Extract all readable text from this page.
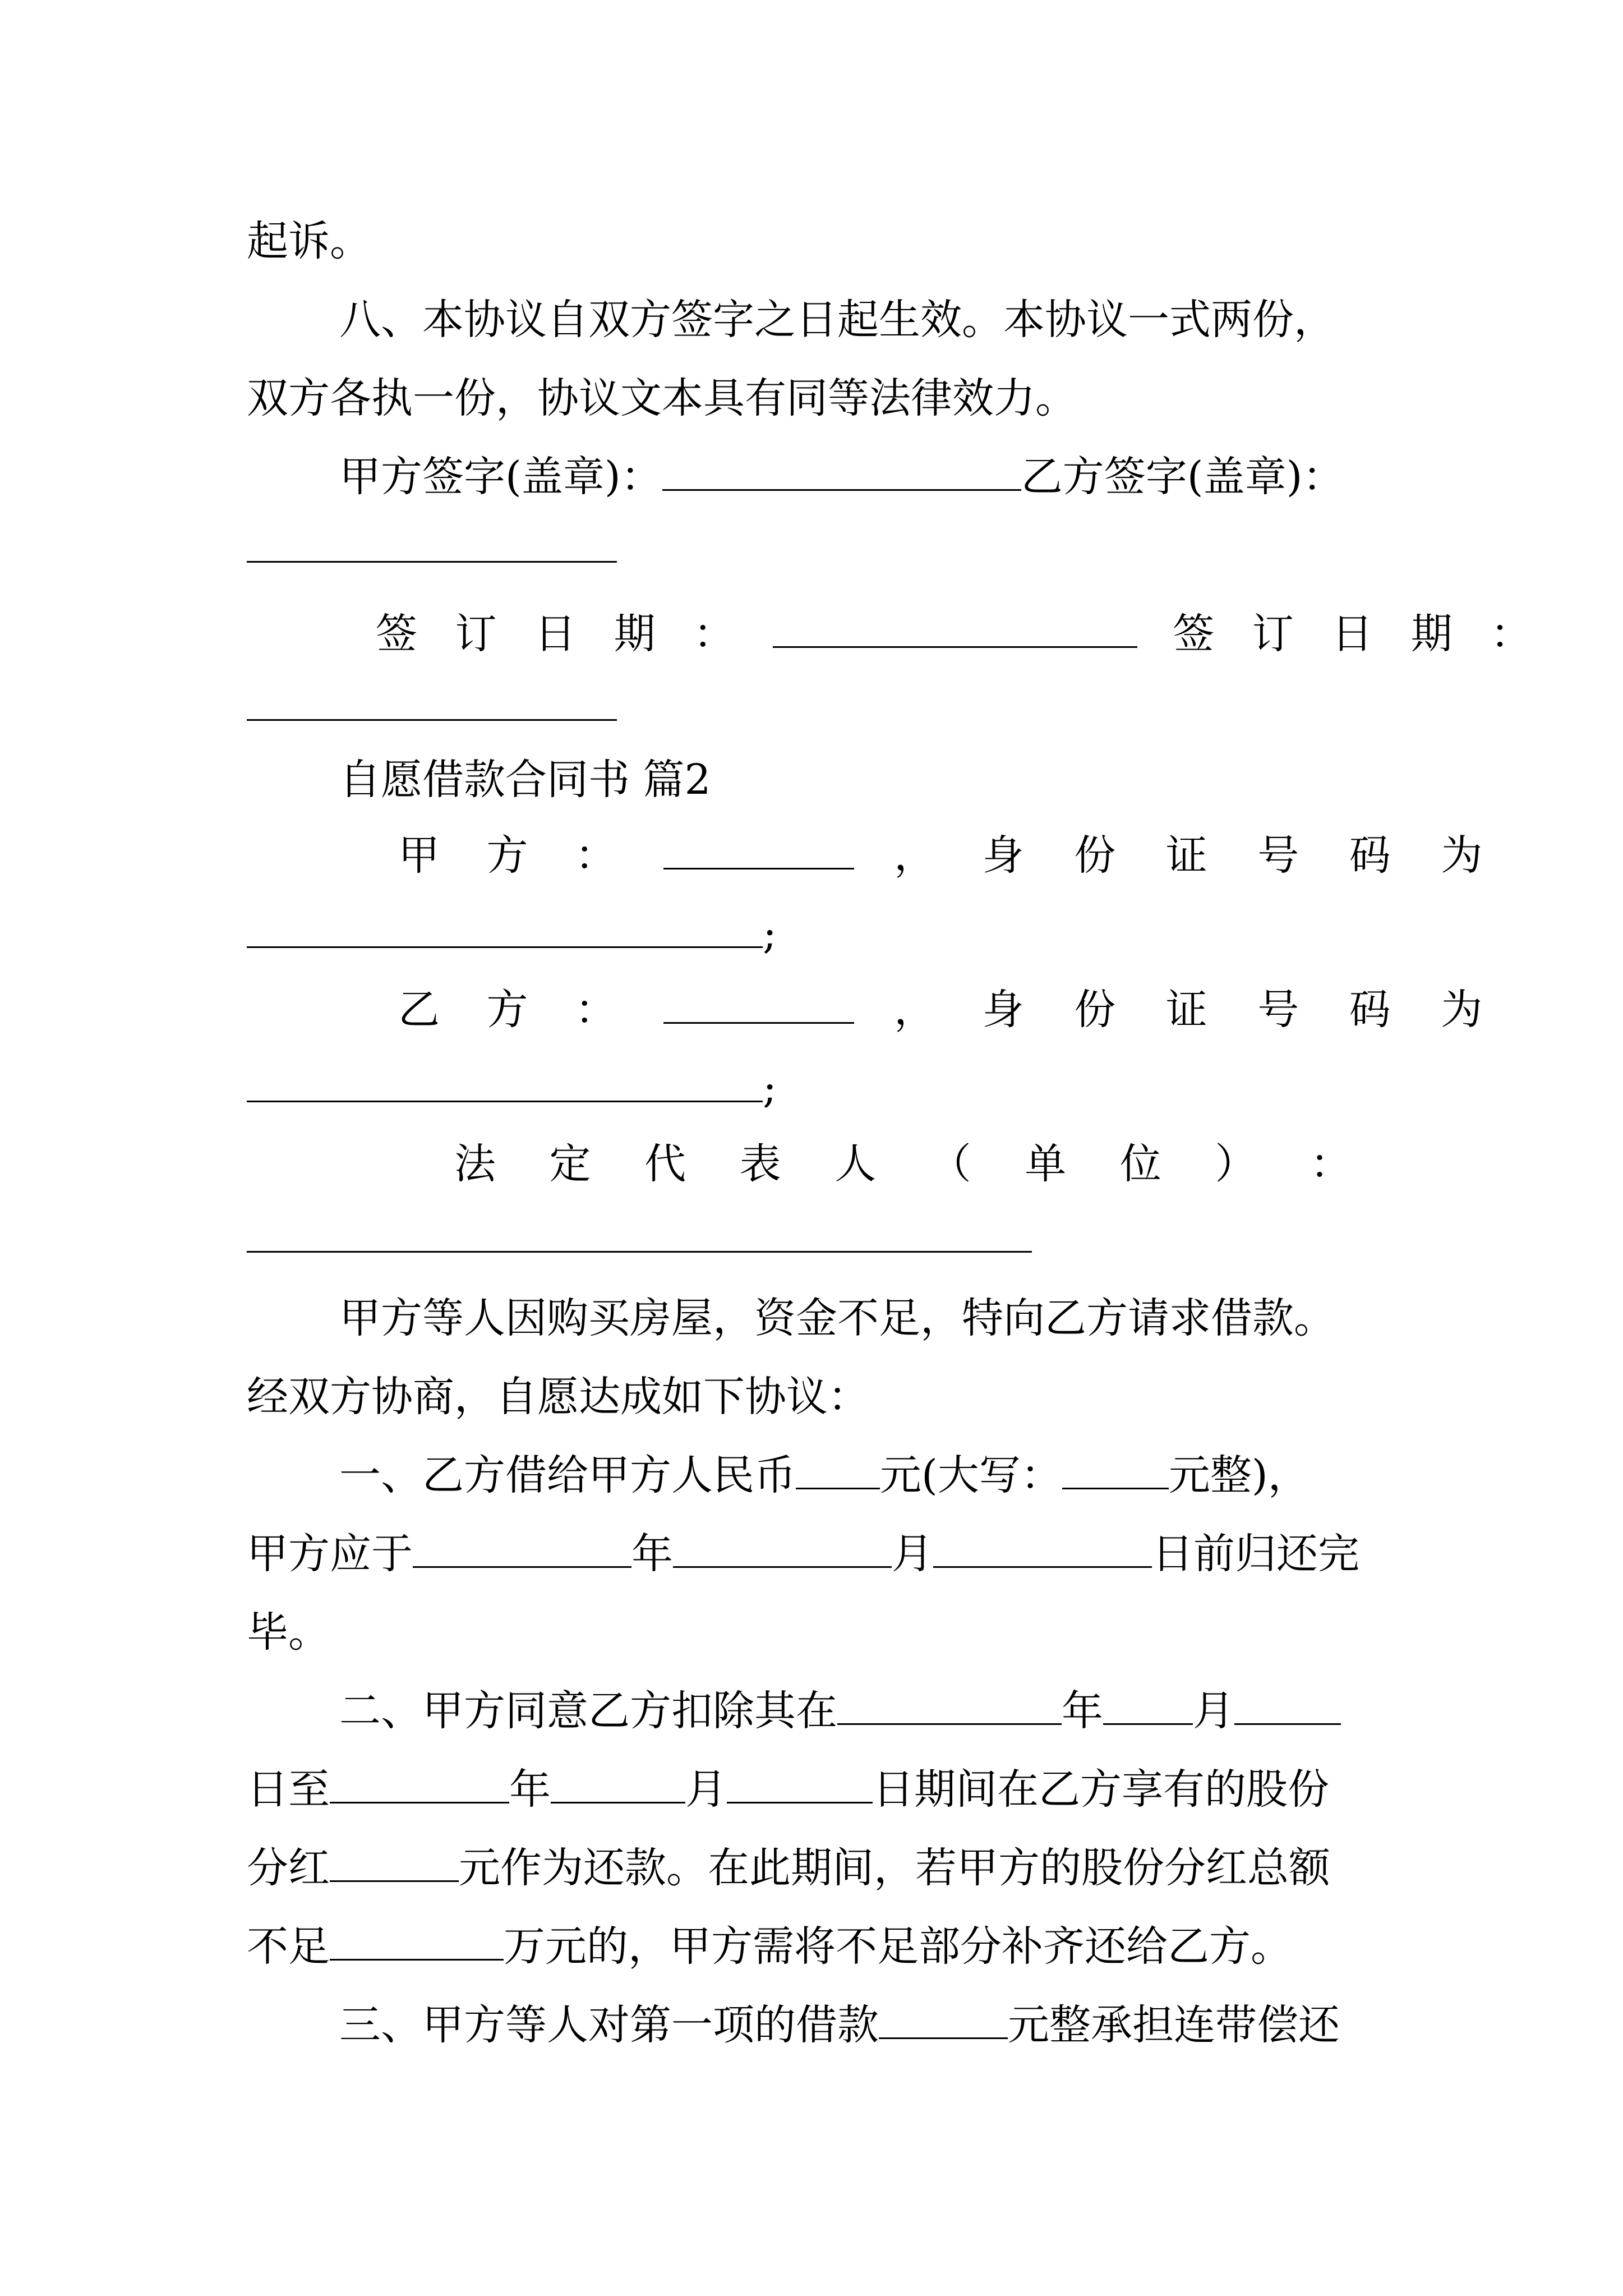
起诉。
八、本协议自双方签字之日起生效。本协议一式两份，
双方各执一份，协议文本具有同等法律效力。
甲方签字(盖章)：	乙方签字(盖章)：
签 订 日 期 ：	签 订 日 期 ：
自愿借款合同书 篇2
甲 方 ：	， 身 份 证 号 码 为
;
乙 方 ：	， 身 份 证 号 码 为
;
法 定 代 表 人 （ 单 位 ） ：
甲方等人因购买房屋，资金不足，特向乙方请求借款。
经双方协商，自愿达成如下协议：
一、乙方借给甲方人民币 元(大写：	元整)，
甲方应于	年	月	日前归还完
毕。
二、甲方同意乙方扣除其在	年 月
日至	年	月	日期间在乙方享有的股份
分红	元作为还款。在此期间，若甲方的股份分红总额
不足	万元的，甲方需将不足部分补齐还给乙方。
三、甲方等人对第一项的借款	元整承担连带偿还
